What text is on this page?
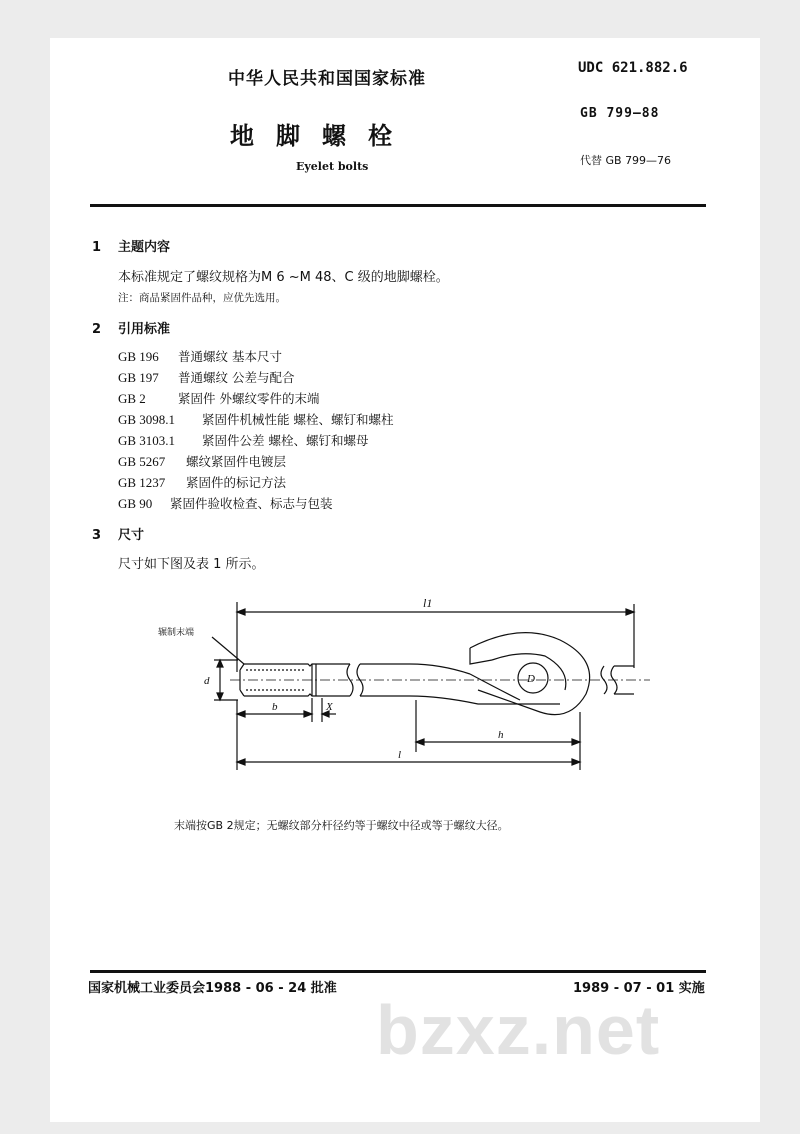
中华人民共和国国家标准
UDC 621.882.6
GB 799—88
地脚螺栓
Eyelet bolts	代替 GB 799—76
1 主题内容
本标准规定了螺纹规格为M 6 ~M 48、C 级的地脚螺栓。
注：商品紧固件品种，应优先选用。
2 引用标准
GB 196 普通螺纹 基本尺寸
GB 197 普通螺纹 公差与配合
GB 2	紧固件 外螺纹零件的末端
GB 3098.1 紧固件机械性能 螺栓、螺钉和螺柱
GB 3103.1 紧固件公差 螺栓、螺钉和螺母
GB 5267 螺纹紧固件电镀层
GB 1237 紧固件的标记方法
GB 90 紧固件验收检查、标志与包装
3 尺寸
尺寸如下图及表 1 所示。
辗制末端
l1
d
b	X
D
h
l
末端按GB 2规定；无螺纹部分杆径约等于螺纹中径或等于螺纹大径。
国家机械工业委员会1988 - 06 - 24 批准	1989 - 07 - 01 实施
bzxz.net
